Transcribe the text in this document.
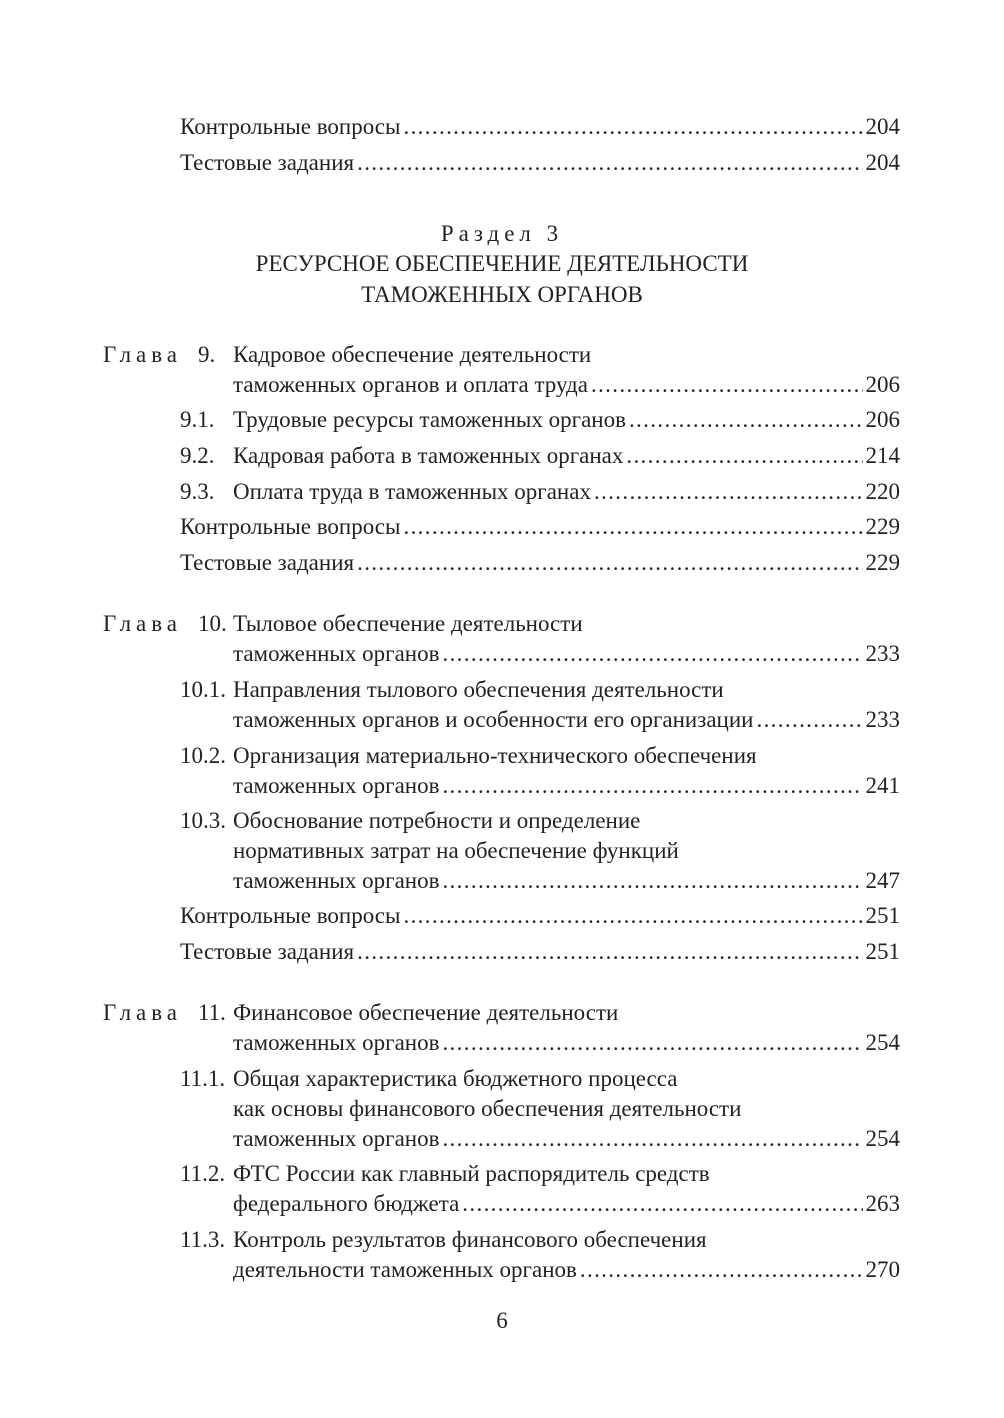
Контрольные вопросы . . .	204
Тестовые задания . . .	204
Раздел 3
РЕСУРСНОЕ ОБЕСПЕЧЕНИЕ ДЕЯТЕЛЬНОСТИ
ТАМОЖЕННЫХ ОРГАНОВ
Глава 9. Кадровое обеспечение деятельности
таможенных органов и оплата труда . . .	206
9.1. Трудовые ресурсы таможенных органов . . .	206
9.2. Кадровая работа в таможенных органах . . .	214
9.3. Оплата труда в таможенных органах . . .	220
Контрольные вопросы . . .	229
Тестовые задания . . .	229
Глава 10. Тыловое обеспечение деятельности
таможенных органов . . .	233
10.1. Направления тылового обеспечения деятельности
таможенных органов и особенности его организации . . .	233
10.2. Организация материально-технического обеспечения
таможенных органов . . .	241
10.3. Обоснование потребности и определение
нормативных затрат на обеспечение функций
таможенных органов . . .	247
Контрольные вопросы . . .	251
Тестовые задания . . .	251
Глава 11. Финансовое обеспечение деятельности
таможенных органов . . .	254
11.1. Общая характеристика бюджетного процесса
как основы финансового обеспечения деятельности
таможенных органов . . .	254
11.2. ФТС России как главный распорядитель средств
федерального бюджета . . .	263
11.3. Контроль результатов финансового обеспечения
деятельности таможенных органов . . .	270
6
